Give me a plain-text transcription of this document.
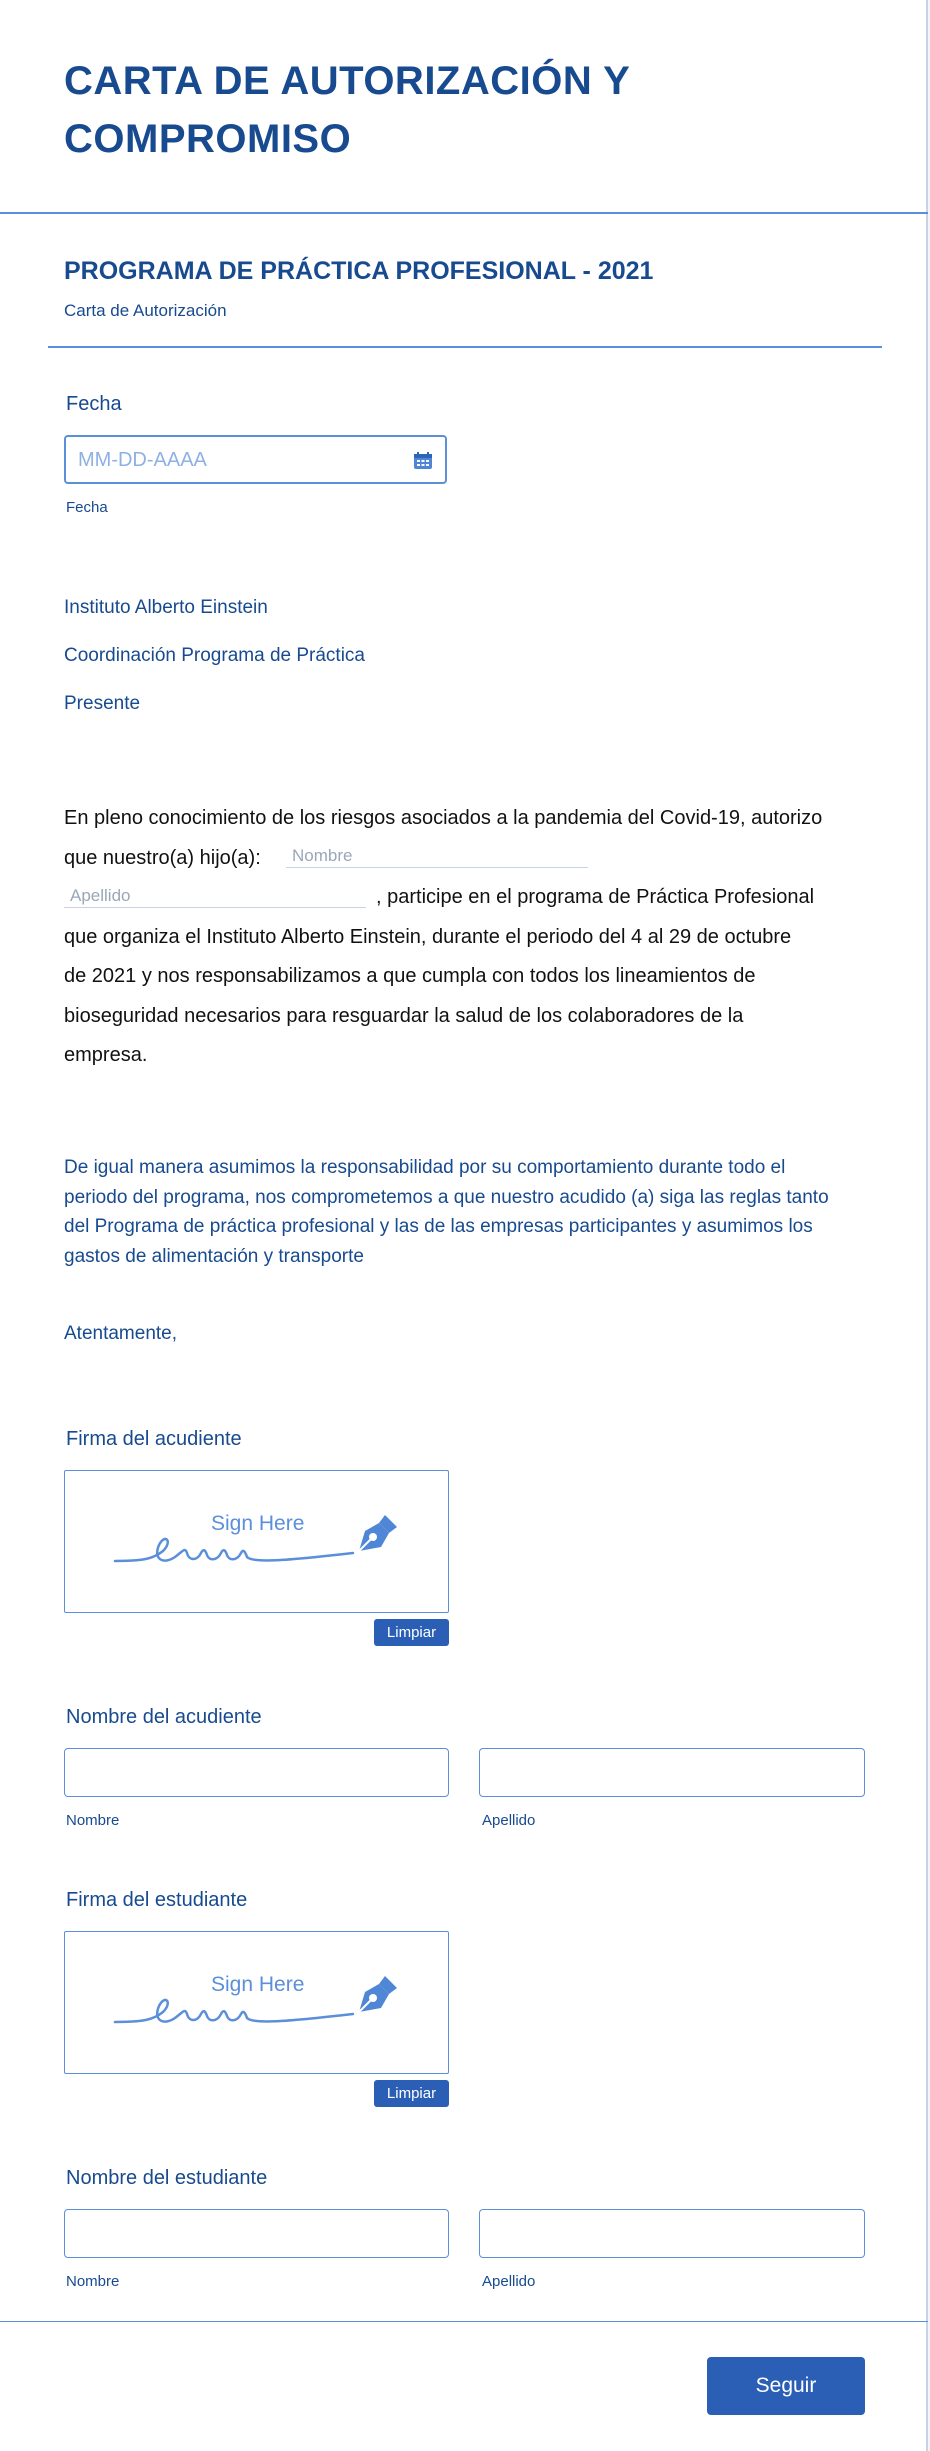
CARTA DE AUTORIZACIÓN Y COMPROMISO
PROGRAMA DE PRÁCTICA PROFESIONAL - 2021
Carta de Autorización
Fecha
MM-DD-AAAA
Fecha
Instituto Alberto Einstein
Coordinación Programa de Práctica
Presente
En pleno conocimiento de los riesgos asociados a la pandemia del Covid-19, autorizo
que nuestro(a) hijo(a):	Nombre
Apellido	, participe en el programa de Práctica Profesional
que organiza el Instituto Alberto Einstein, durante el periodo del 4 al 29 de octubre
de 2021 y nos responsabilizamos a que cumpla con todos los lineamientos de
bioseguridad necesarios para resguardar la salud de los colaboradores de la
empresa.
De igual manera asumimos la responsabilidad por su comportamiento durante todo el
periodo del programa, nos comprometemos a que nuestro acudido (a) siga las reglas tanto
del Programa de práctica profesional y las de las empresas participantes y asumimos los
gastos de alimentación y transporte
Atentamente,
Firma del acudiente
Sign Here
Limpiar
Nombre del acudiente
Nombre	Apellido
Firma del estudiante
Sign Here
Limpiar
Nombre del estudiante
Nombre	Apellido
Seguir
